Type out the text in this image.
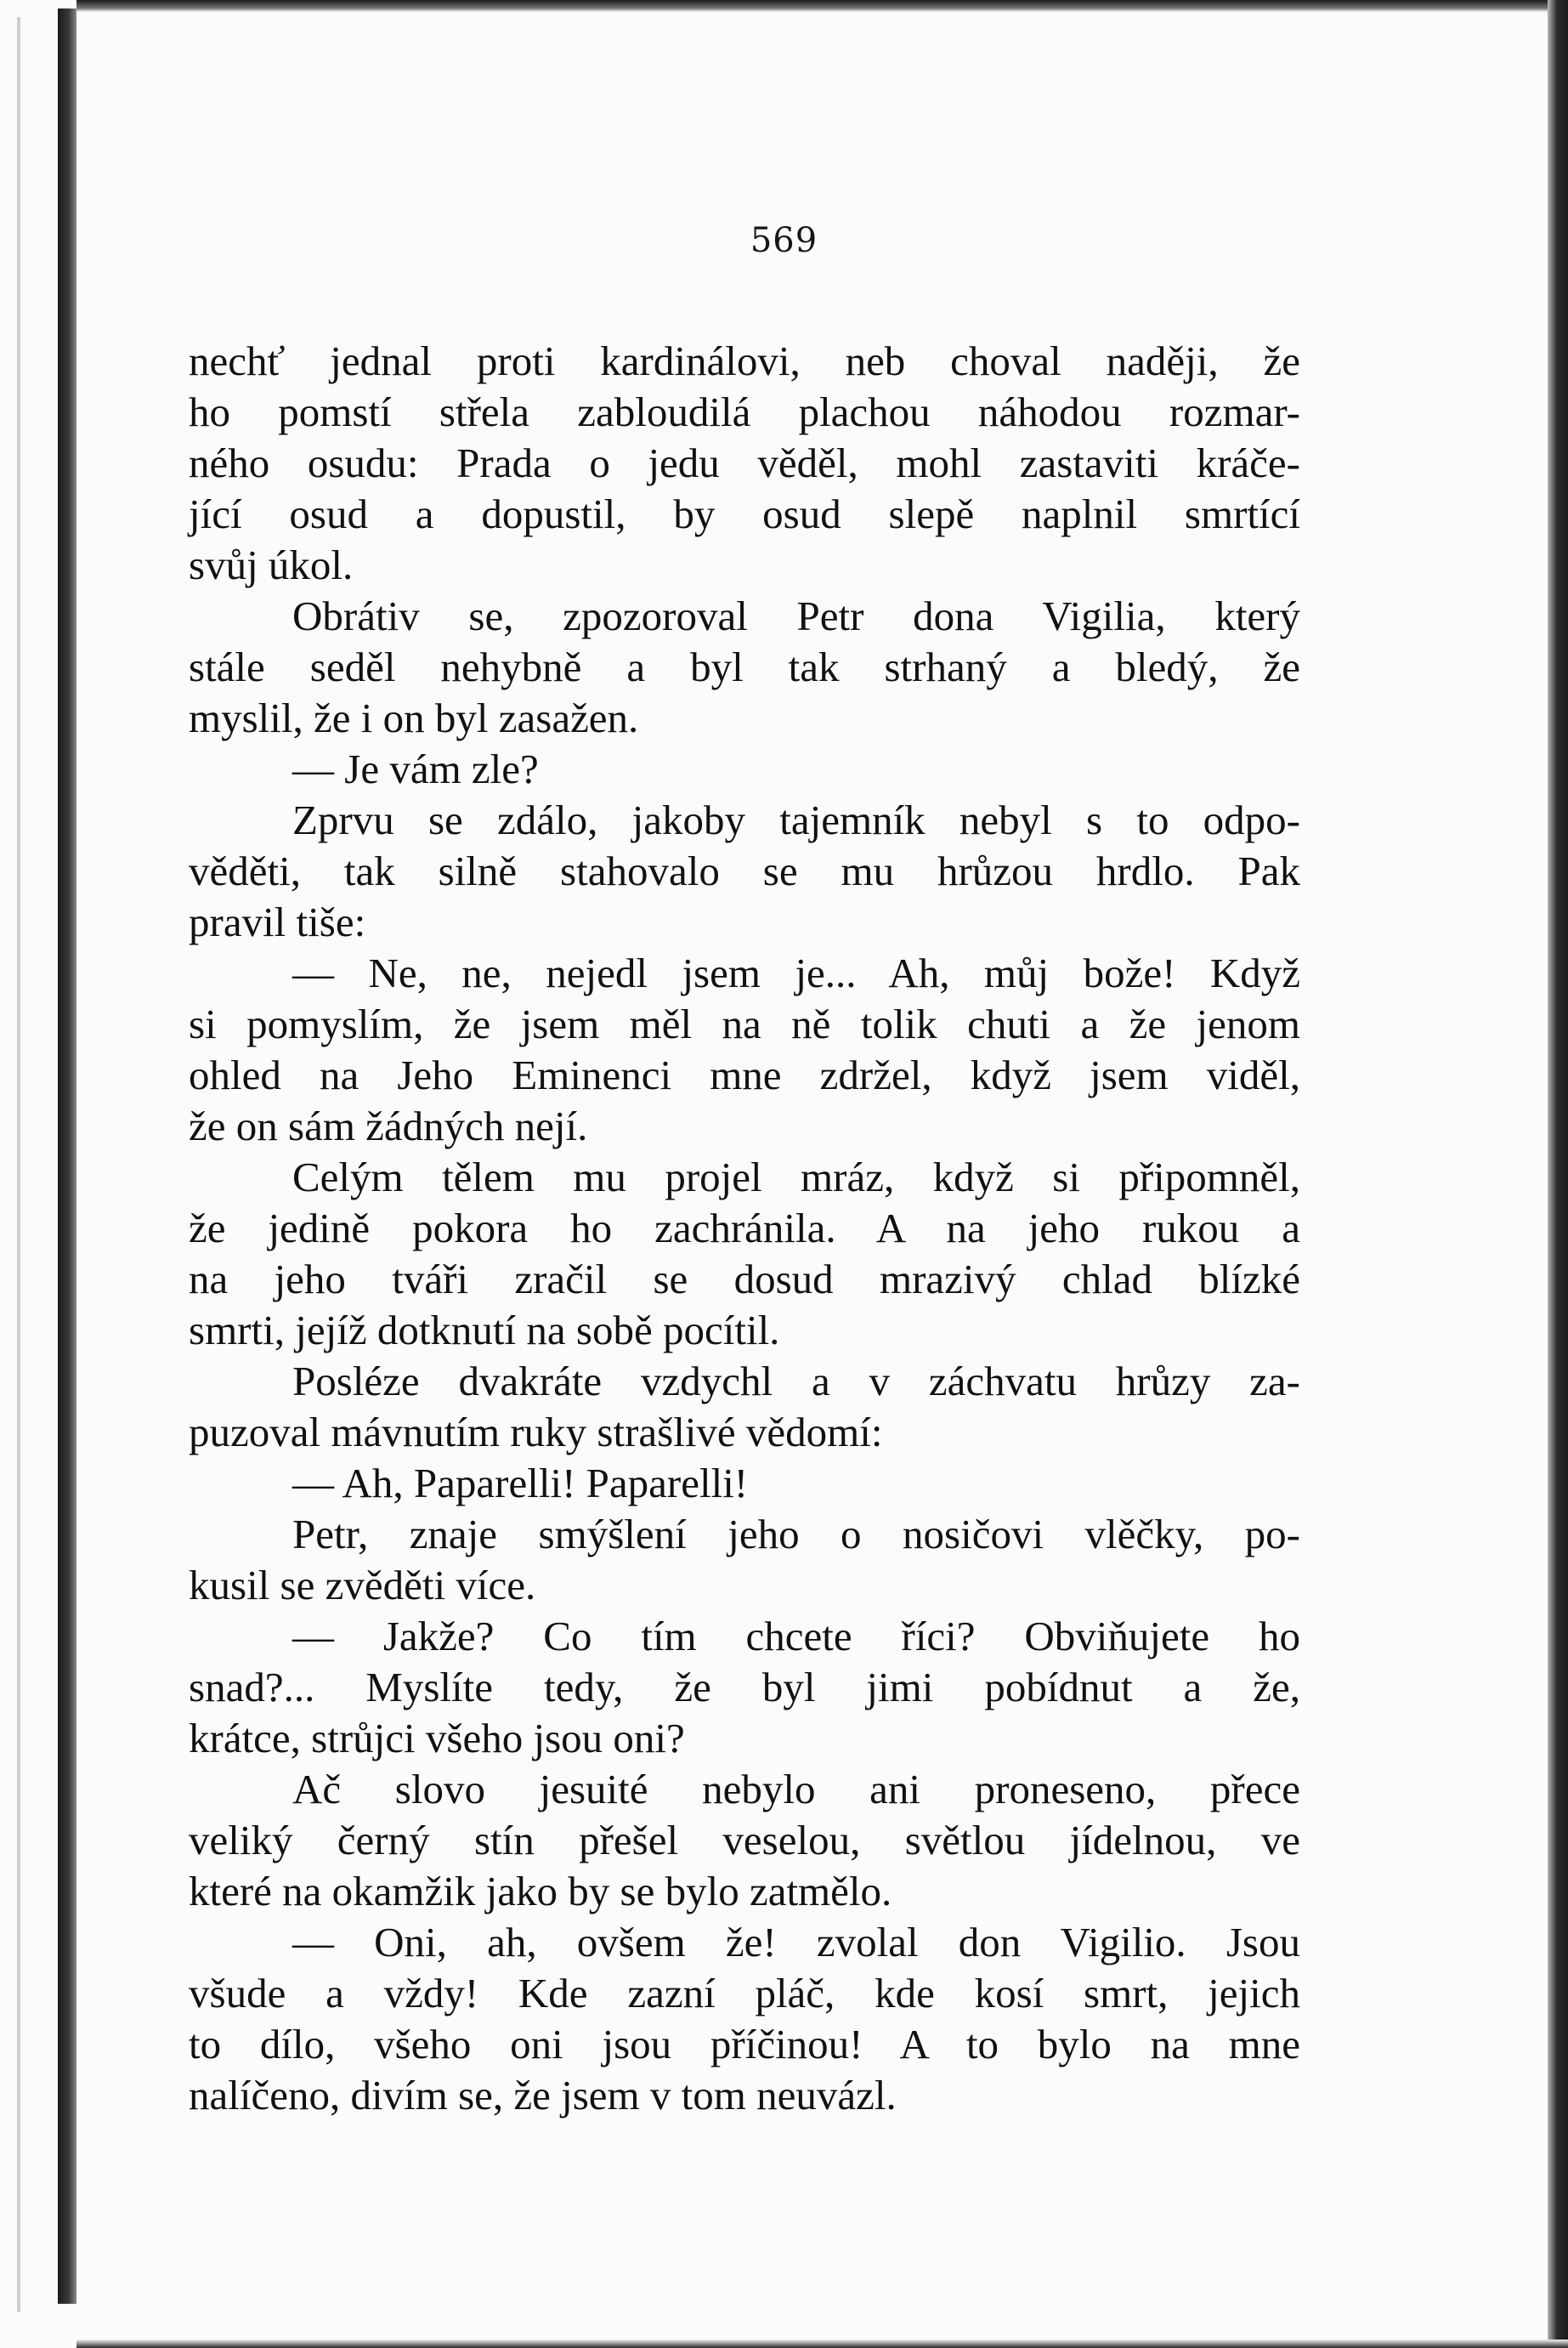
569
nechť jednal proti kardinálovi, neb choval naději, že
ho pomstí střela zabloudilá plachou náhodou rozmar-
ného osudu: Prada o jedu věděl, mohl zastaviti kráče-
jící osud a dopustil, by osud slepě naplnil smrtící
svůj úkol.
Obrátiv se, zpozoroval Petr dona Vigilia, který
stále seděl nehybně a byl tak strhaný a bledý, že
myslil, že i on byl zasažen.
— Je vám zle?
Zprvu se zdálo, jakoby tajemník nebyl s to odpo-
věděti, tak silně stahovalo se mu hrůzou hrdlo. Pak
pravil tiše:
— Ne, ne, nejedl jsem je... Ah, můj bože! Když
si pomyslím, že jsem měl na ně tolik chuti a že jenom
ohled na Jeho Eminenci mne zdržel, když jsem viděl,
že on sám žádných nejí.
Celým tělem mu projel mráz, když si připomněl,
že jedině pokora ho zachránila. A na jeho rukou a
na jeho tváři zračil se dosud mrazivý chlad blízké
smrti, jejíž dotknutí na sobě pocítil.
Posléze dvakráte vzdychl a v záchvatu hrůzy za-
puzoval mávnutím ruky strašlivé vědomí:
— Ah, Paparelli! Paparelli!
Petr, znaje smýšlení jeho o nosičovi vlěčky, po-
kusil se zvěděti více.
— Jakže? Co tím chcete říci? Obviňujete ho
snad?... Myslíte tedy, že byl jimi pobídnut a že,
krátce, strůjci všeho jsou oni?
Ač slovo jesuité nebylo ani proneseno, přece
veliký černý stín přešel veselou, světlou jídelnou, ve
které na okamžik jako by se bylo zatmělo.
— Oni, ah, ovšem že! zvolal don Vigilio. Jsou
všude a vždy! Kde zazní pláč, kde kosí smrt, jejich
to dílo, všeho oni jsou příčinou! A to bylo na mne
nalíčeno, divím se, že jsem v tom neuvázl.
